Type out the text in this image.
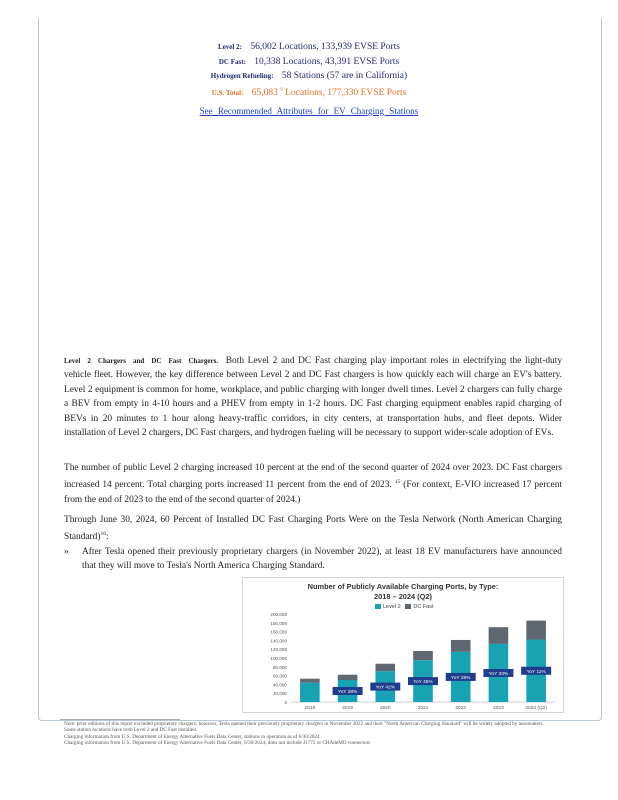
Level 2: 56,002 Locations, 133,939 EVSE Ports
DC Fast: 10,338 Locations, 43,391 EVSE Ports
Hydrogen Refueling: 58 Stations (57 are in California)
U.S. Total: 65,083 $^9$ Locations, 177,330 EVSE Ports
See Recommended Attributes for EV Charging Stations
Level 2 Chargers and DC Fast Chargers. Both Level 2 and DC Fast charging play important roles in electrifying the light-duty vehicle fleet. However, the key difference between Level 2 and DC Fast chargers is how quickly each will charge an EV's battery. Level 2 equipment is common for home, workplace, and public charging with longer dwell times. Level 2 chargers can fully charge a BEV from empty in 4-10 hours and a PHEV from empty in 1-2 hours. DC Fast charging equipment enables rapid charging of BEVs in 20 minutes to 1 hour along heavy-traffic corridors, in city centers, at transportation hubs, and fleet depots. Wider installation of Level 2 chargers, DC Fast chargers, and hydrogen fueling will be necessary to support wider-scale adoption of EVs.
The number of public Level 2 charging increased 10 percent at the end of the second quarter of 2024 over 2023. DC Fast chargers increased 14 percent. Total charging ports increased 11 percent from the end of 2023. $^{15}$ (For context, E-VIO increased 17 percent from the end of 2023 to the end of the second quarter of 2024.)
Through June 30, 2024, 60 Percent of Installed DC Fast Charging Ports Were on the Tesla Network (North American Charging Standard)$^{16}$:
» After Tesla opened their previously proprietary chargers (in November 2022), at least 18 EV manufacturers have announced that they will move to Tesla's North America Charging Standard.
Number of Publicly Available Charging Ports, by Type:
2018 – 2024 (Q2)
Level 2 DC Fast
200,000
180,000
160,000
140,000
120,000
100,000
80,000
60,000
40,000
20,000
0
2018	2019
YoY 28%
2020
YoY 42%
2021
YoY 45%
2022
YoY 28%
2023
YoY 33%
2024 (Q2)
YoY 11%
Note: prior editions of this report excluded proprietary chargers; however, Tesla opened their previously proprietary chargers in November 2022 and their "North American Charging Standard" will be widely adopted by automakers.
Some station locations have both Level 2 and DC Fast installed.
Charging information from U.S. Department of Energy Alternative Fuels Data Center, stations in operation as of 6/30/2024
Charging information from U.S. Department of Energy Alternative Fuels Data Center, 6/30/2024; does not include J1772 or CHAdeMO connectors
